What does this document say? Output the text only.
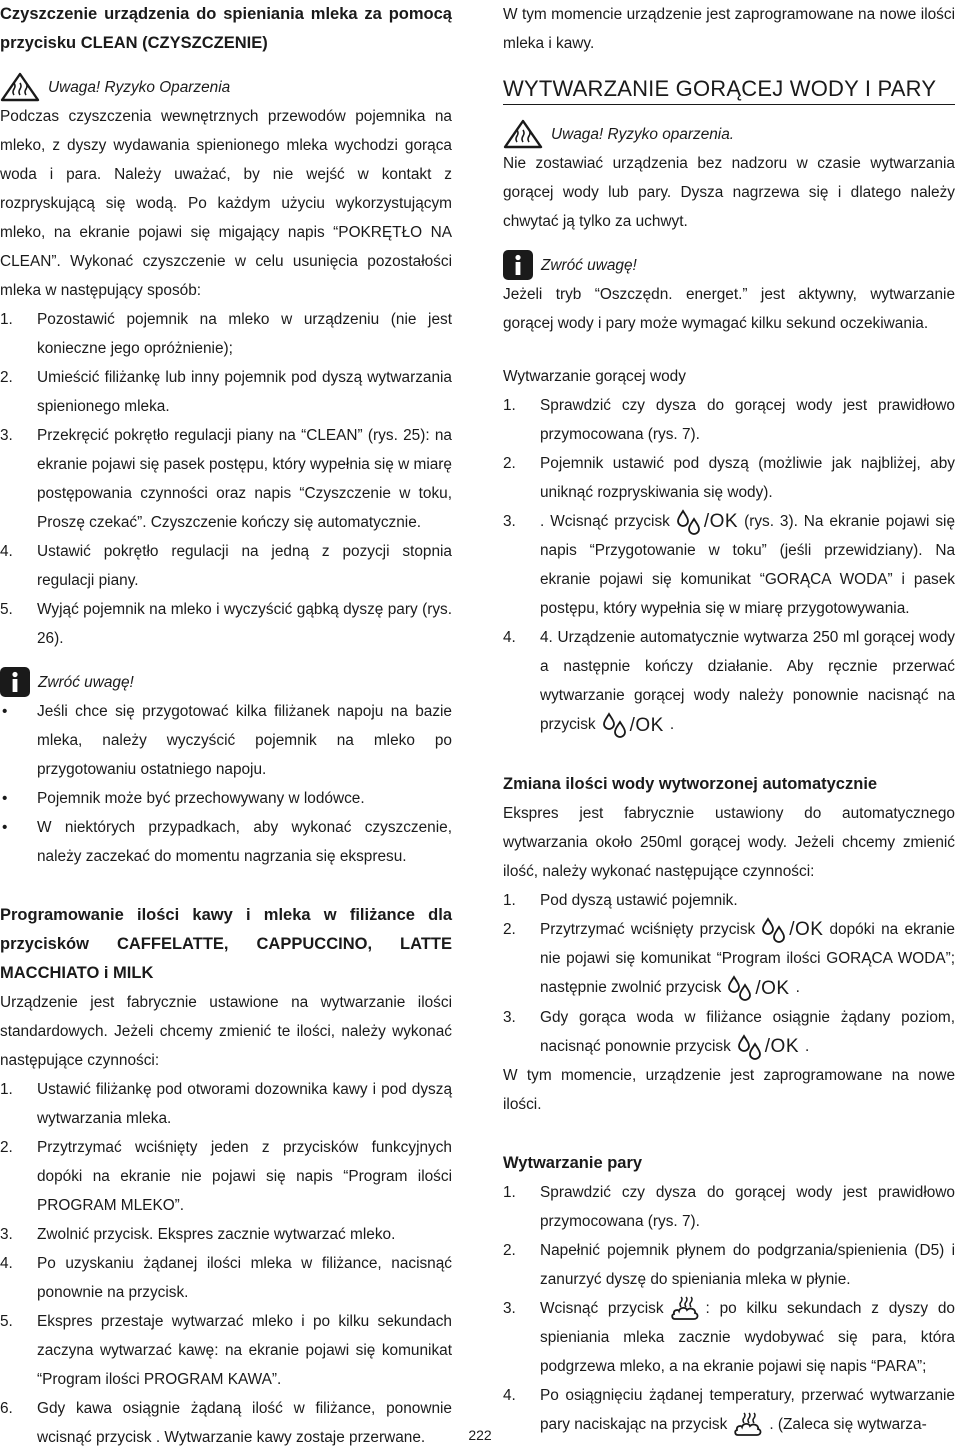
Czyszczenie urządzenia do spieniania mleka za pomocą przycisku CLEAN (CZYSZCZENIE)

Uwaga! Ryzyko Oparzenia

Podczas czyszczenia wewnętrznych przewodów pojemnika na mleko, z dyszy wydawania spienionego mleka wychodzi gorąca woda i para. Należy uważać, by nie wejść w kontakt z rozpryskującą się wodą. Po każdym użyciu wykorzystującym mleko, na ekranie pojawi się migający napis “POKRĘTŁO NA CLEAN”. Wykonać czyszczenie w celu usunięcia pozostałości mleka w następujący sposób:

1. Pozostawić pojemnik na mleko w urządzeniu (nie jest konieczne jego opróżnienie);
2. Umieścić filiżankę lub inny pojemnik pod dyszą wytwarzania spienionego mleka.
3. Przekręcić pokrętło regulacji piany na “CLEAN” (rys. 25): na ekranie pojawi się pasek postępu, który wypełnia się w miarę postępowania czynności oraz napis “Czyszczenie w toku, Proszę czekać”. Czyszczenie kończy się automatycznie.
4. Ustawić pokrętło regulacji na jedną z pozycji stopnia regulacji piany.
5. Wyjąć pojemnik na mleko i wyczyścić gąbką dyszę pary (rys. 26).
Zwróć uwagę!
• Jeśli chce się przygotować kilka filiżanek napoju na bazie mleka, należy wyczyścić pojemnik na mleko po przygotowaniu ostatniego napoju.
• Pojemnik może być przechowywany w lodówce.
• W niektórych przypadkach, aby wykonać czyszczenie, należy zaczekać do momentu nagrzania się ekspresu.

Programowanie ilości kawy i mleka w filiżance dla przycisków CAFFELATTE, CAPPUCCINO, LATTE MACCHIATO i MILK

Urządzenie jest fabrycznie ustawione na wytwarzanie ilości standardowych. Jeżeli chcemy zmienić te ilości, należy wykonać następujące czynności:

1. Ustawić filiżankę pod otworami dozownika kawy i pod dyszą wytwarzania mleka.
2. Przytrzymać wciśnięty jeden z przycisków funkcyjnych dopóki na ekranie nie pojawi się napis “Program ilości PROGRAM MLEKO”.
3. Zwolnić przycisk. Ekspres zacznie wytwarzać mleko.
4. Po uzyskaniu żądanej ilości mleka w filiżance, nacisnąć ponownie na przycisk.
5. Ekspres przestaje wytwarzać mleko i po kilku sekundach zaczyna wytwarzać kawę: na ekranie pojawi się komunikat “Program ilości PROGRAM KAWA”.
6. Gdy kawa osiągnie żądaną ilość w filiżance, ponownie wcisnąć przycisk . Wytwarzanie kawy zostaje przerwane.

W tym momencie urządzenie jest zaprogramowane na nowe ilości mleka i kawy.

WYTWARZANIE GORĄCEJ WODY I PARY
Uwaga! Ryzyko oparzenia.

Nie zostawiać urządzenia bez nadzoru w czasie wytwarzania gorącej wody lub pary. Dysza nagrzewa się i dlatego należy chwytać ją tylko za uchwyt.

Zwróć uwagę!

Jeżeli tryb “Oszczędn. energet.” jest aktywny, wytwarzanie gorącej wody i pary może wymagać kilku sekund oczekiwania.

Wytwarzanie gorącej wody

1. Sprawdzić czy dysza do gorącej wody jest prawidłowo przymocowana (rys. 7).
2. Pojemnik ustawić pod dyszą (możliwie jak najbliżej, aby uniknąć rozpryskiwania się wody).
3. . Wcisnąć przycisk /OK (rys. 3). Na ekranie pojawi się napis “Przygotowanie w toku” (jeśli przewidziany). Na ekranie pojawi się komunikat “GORĄCA WODA” i pasek postępu, który wypełnia się w miarę przygotowywania.
4. 4. Urządzenie automatycznie wytwarza 250 ml gorącej wody a następnie kończy działanie. Aby ręcznie przerwać wytwarzanie gorącej wody należy ponownie nacisnąć na przycisk /OK .

Zmiana ilości wody wytworzonej automatycznie

Ekspres jest fabrycznie ustawiony do automatycznego wytwarzania około 250ml gorącej wody. Jeżeli chcemy zmienić ilość, należy wykonać następujące czynności:

1. Pod dyszą ustawić pojemnik.
2. Przytrzymać wciśnięty przycisk /OK dopóki na ekranie nie pojawi się komunikat “Program ilości GORĄCA WODA”; następnie zwolnić przycisk /OK .
3. Gdy gorąca woda w filiżance osiągnie żądany poziom, nacisnąć ponownie przycisk /OK .

W tym momencie, urządzenie jest zaprogramowane na nowe ilości.

Wytwarzanie pary

1. Sprawdzić czy dysza do gorącej wody jest prawidłowo przymocowana (rys. 7).
2. Napełnić pojemnik płynem do podgrzania/spienienia (D5) i zanurzyć dyszę do spieniania mleka w płynie.
3. Wcisnąć przycisk	: po kilku sekundach z dyszy do spieniania mleka zacznie wydobywać się para, która podgrzewa mleko, a na ekranie pojawi się napis “PARA”;
4. Po osiągnięciu żądanej temperatury, przerwać wytwarzanie pary naciskając na przycisk	. (Zaleca się wytwarza-
222
